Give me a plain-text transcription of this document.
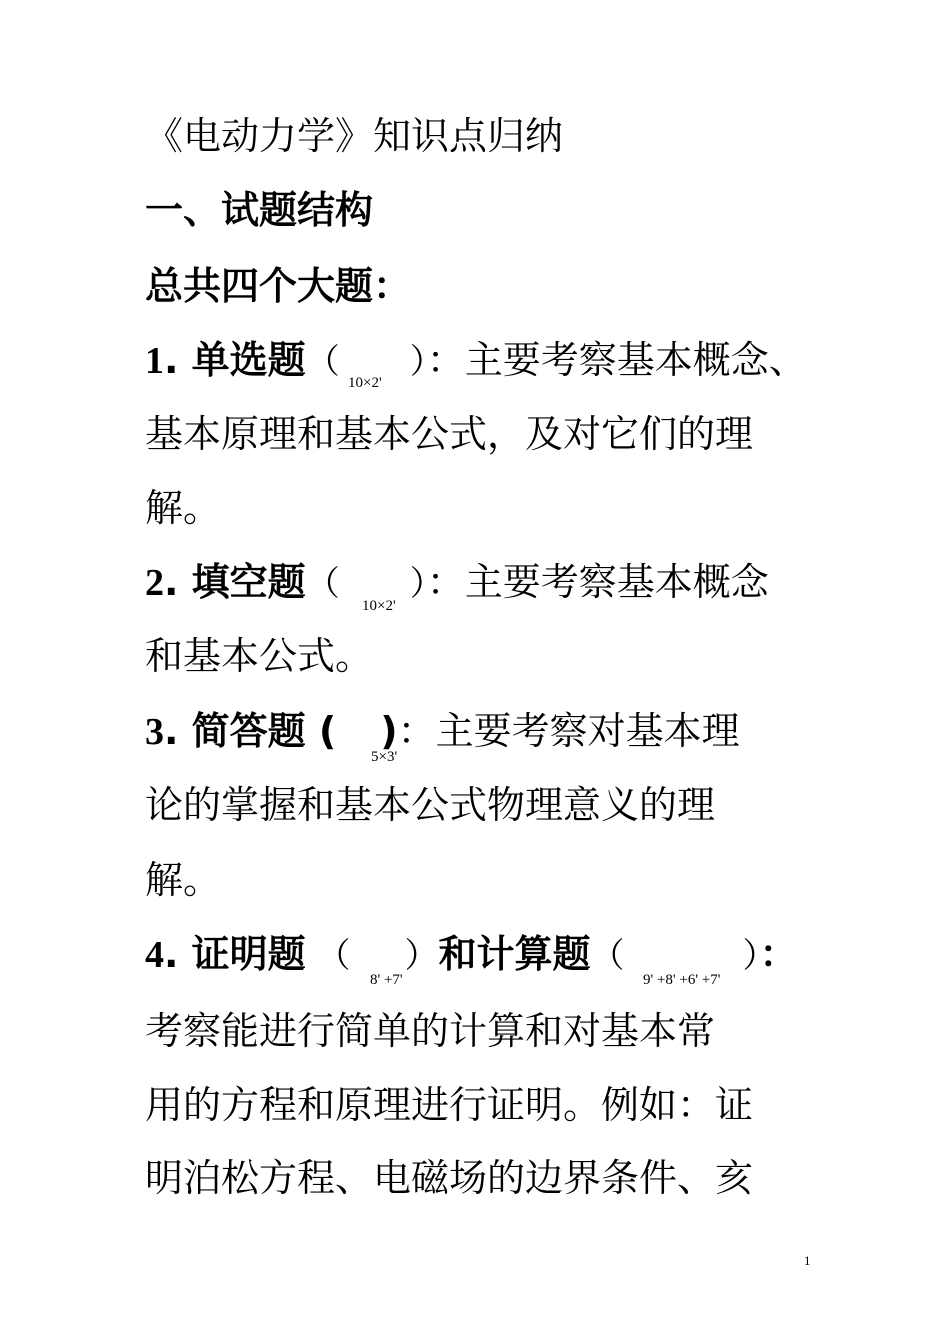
《电动力学》知识点归纳
一、试题结构
总共四个大题：
1. 单选题（ ）：主要考察基本概念、
10×2'
基本原理和基本公式，及对它们的理
解。
2. 填空题（ ）：主要考察基本概念
10×2'
和基本公式。
3. 简答题 ( )：主要考察对基本理
5×3'
论的掌握和基本公式物理意义的理
解。
4. 证明题 （ ）和计算题（	）：
8' +7'	9' +8' +6' +7'
考察能进行简单的计算和对基本常
用的方程和原理进行证明。例如：证
明泊松方程、电磁场的边界条件、亥
1
